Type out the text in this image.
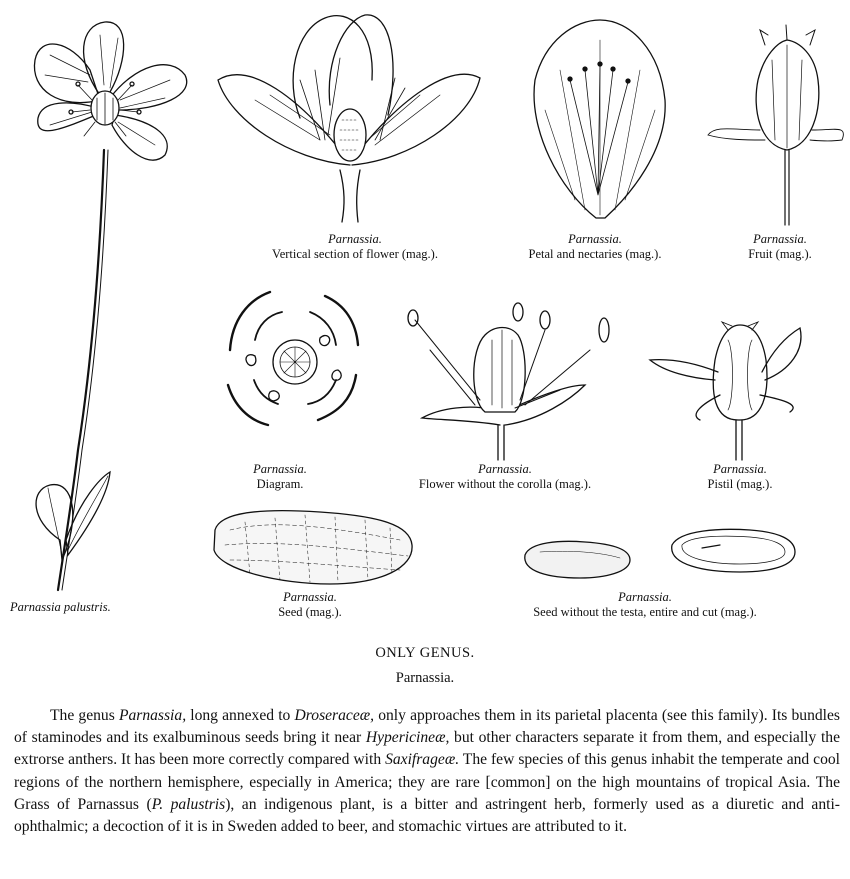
Parnassia palustris.
Parnassia.
Vertical section of flower (mag.).
Parnassia.
Petal and nectaries (mag.).
Parnassia.
Fruit (mag.).
Parnassia.
Diagram.
Parnassia.
Flower without the corolla (mag.).
Parnassia.
Pistil (mag.).
Parnassia.
Seed (mag.).
Parnassia.
Seed without the testa, entire and cut (mag.).
ONLY GENUS.
Parnassia.

The genus Parnassia, long annexed to Droseraceæ, only approaches them in its parietal placenta (see this family). Its bundles of staminodes and its exalbuminous seeds bring it near Hypericineæ, but other characters separate it from them, and especially the extrorse anthers. It has been more correctly compared with Saxifrageæ. The few species of this genus inhabit the temperate and cool regions of the northern hemisphere, especially in America; they are rare [common] on the high mountains of tropical Asia. The Grass of Parnassus (P. palustris), an indigenous plant, is a bitter and astringent herb, formerly used as a diuretic and anti-ophthalmic; a decoction of it is in Sweden added to beer, and stomachic virtues are attributed to it.
